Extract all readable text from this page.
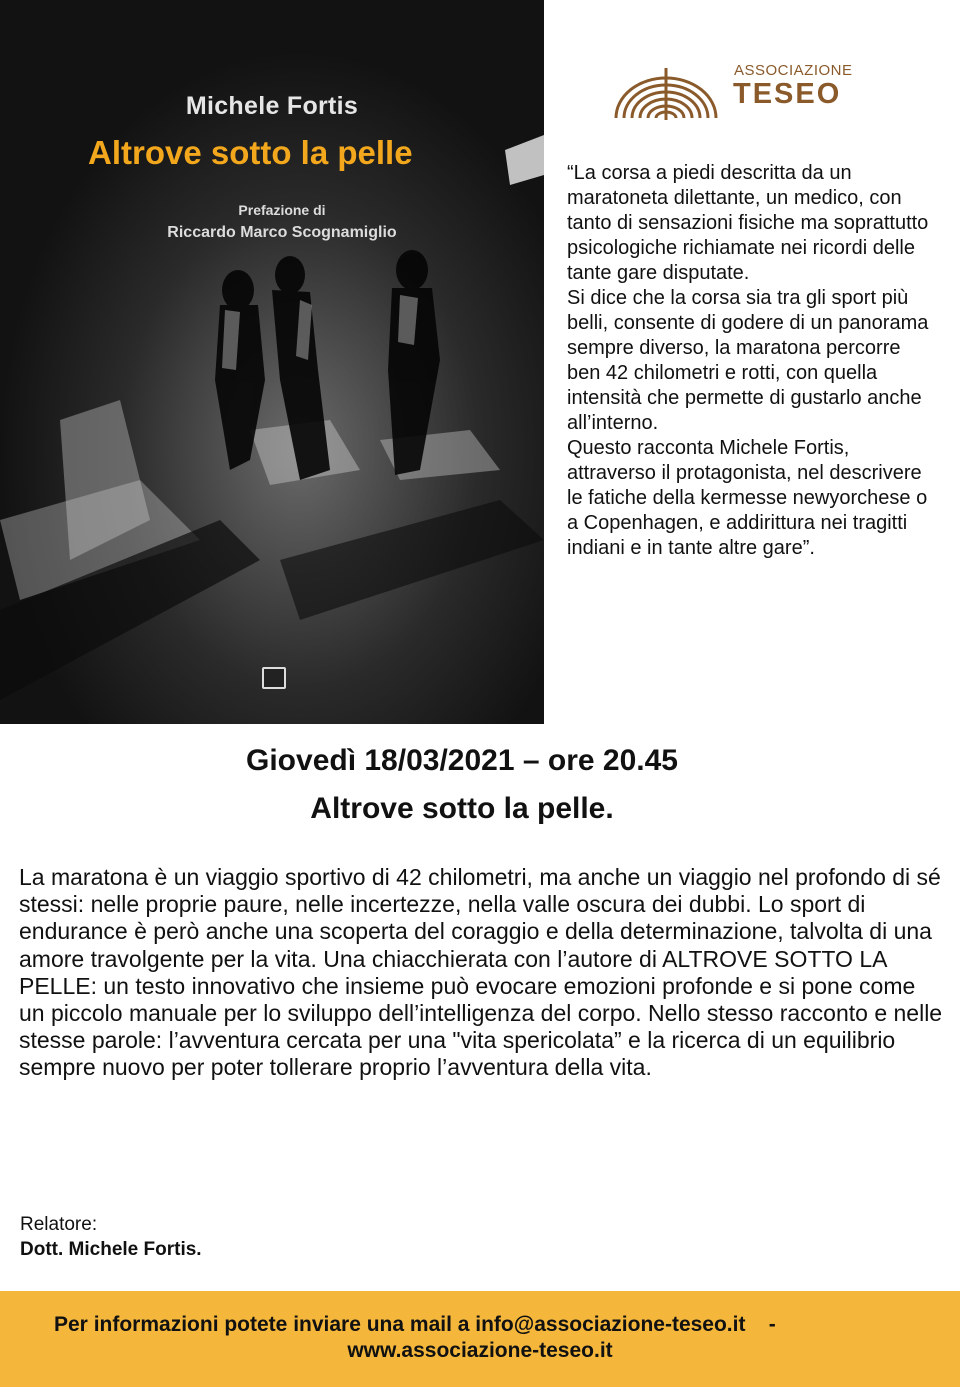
Michele Fortis
Altrove sotto la pelle
Prefazione di
Riccardo Marco Scognamiglio
ASSOCIAZIONE
TESEO

“La corsa a piedi descritta da un maratoneta dilettante, un medico, con tanto di sensazioni fisiche ma soprattutto psicologiche richiamate nei ricordi delle tante gare disputate.

Si dice che la corsa sia tra gli sport più belli, consente di godere di un panorama sempre diverso, la maratona percorre ben 42 chilometri e rotti, con quella intensità che permette di gustarlo anche all’interno.

Questo racconta Michele Fortis, attraverso il protagonista, nel descrivere le fatiche della kermesse newyorchese o a Copenhagen, e addirittura nei tragitti indiani e in tante altre gare”.

Giovedì 18/03/2021 – ore 20.45
Altrove sotto la pelle.

La maratona è un viaggio sportivo di 42 chilometri, ma anche un viaggio nel profondo di sé stessi: nelle proprie paure, nelle incertezze, nella valle oscura dei dubbi. Lo sport di endurance è però anche una scoperta del coraggio e della determinazione, talvolta di una amore travolgente per la vita. Una chiacchierata con l’autore di ALTROVE SOTTO LA PELLE: un testo innovativo che insieme può evocare emozioni profonde e si pone come un piccolo manuale per lo sviluppo dell’intelligenza del corpo. Nello stesso racconto e nelle stesse parole: l’avventura cercata per una "vita spericolata” e la ricerca di un equilibrio sempre nuovo per poter tollerare proprio l’avventura della vita.

Relatore:
Dott. Michele Fortis.
Per informazioni potete inviare una mail a info@associazione-teseo.it    -
www.associazione-teseo.it
